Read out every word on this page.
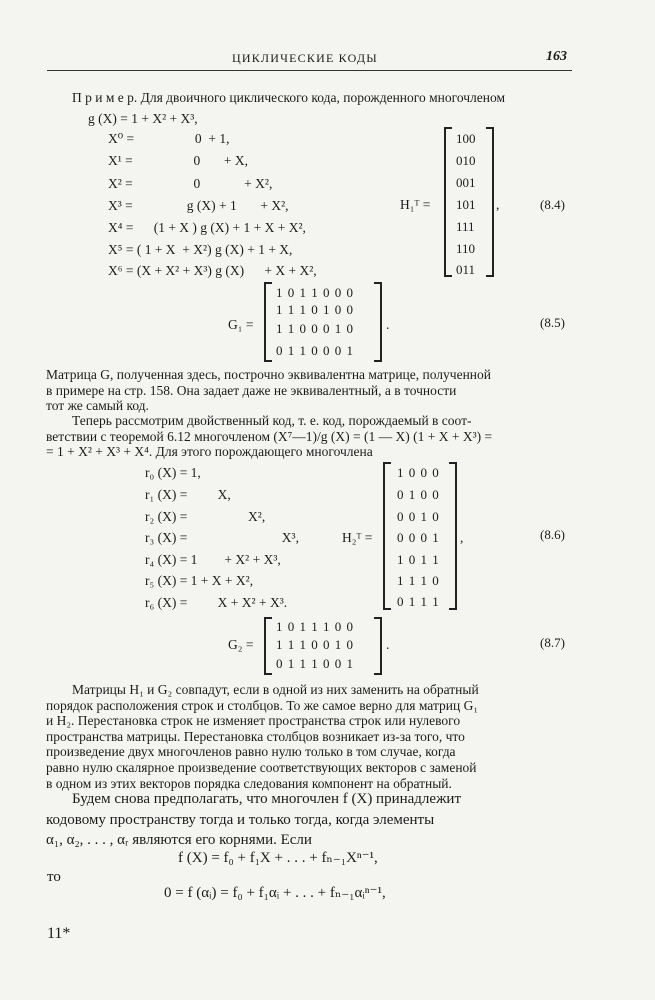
ЦИКЛИЧЕСКИЕ КОДЫ	163
П р и м е р. Для двоичного циклического кода, порожденного многочленом
g (X) = 1 + X² + X³,
X⁰ =                  0  + 1,
X¹ =                  0       + X,
X² =                  0             + X²,
X³ =                g (X) + 1       + X²,
X⁴ =      (1 + X ) g (X) + 1 + X + X²,
X⁵ = ( 1 + X  + X²) g (X) + 1 + X,
X⁶ = (X + X² + X³) g (X)      + X + X²,
H₁ᵀ =
100
010
001
101
111
110
011
,	(8.4)
G₁ =
1 0 1 1 0 0 0
1 1 1 0 1 0 0
1 1 0 0 0 1 0
0 1 1 0 0 0 1
.	(8.5)
Матрица G, полученная здесь, построчно эквивалентна матрице, полученной
в примере на стр. 158. Она задает даже не эквивалентный, а в точности
тот же самый код.
Теперь рассмотрим двойственный код, т. е. код, порождаемый в соот-
ветствии с теоремой 6.12 многочленом (X⁷—1)/g (X) = (1 — X) (1 + X + X³) =
= 1 + X² + X³ + X⁴. Для этого порождающего многочлена
r₀ (X) = 1,
r₁ (X) =         X,
r₂ (X) =                  X²,
r₃ (X) =                            X³,
r₄ (X) = 1        + X² + X³,
r₅ (X) = 1 + X + X²,
r₆ (X) =         X + X² + X³.
H₂ᵀ =
1 0 0 0
0 1 0 0
0 0 1 0
0 0 0 1
1 0 1 1
1 1 1 0
0 1 1 1
,	(8.6)
G₂ =
1 0 1 1 1 0 0
1 1 1 0 0 1 0
0 1 1 1 0 0 1
.	(8.7)
Матрицы H₁ и G₂ совпадут, если в одной из них заменить на обратный
порядок расположения строк и столбцов. То же самое верно для матриц G₁
и H₂. Перестановка строк не изменяет пространства строк или нулевого
пространства матрицы. Перестановка столбцов возникает из-за того, что
произведение двух многочленов равно нулю только в том случае, когда
равно нулю скалярное произведение соответствующих векторов с заменой
в одном из этих векторов порядка следования компонент на обратный.
Будем снова предполагать, что многочлен f (X) принадлежит
кодовому пространству тогда и только тогда, когда элементы
α₁, α₂, . . . , αᵣ являются его корнями. Если
f (X) = f₀ + f₁X + . . . + fₙ₋₁Xⁿ⁻¹,
то
0 = f (αᵢ) = f₀ + f₁αᵢ + . . . + fₙ₋₁αᵢⁿ⁻¹,
11*
